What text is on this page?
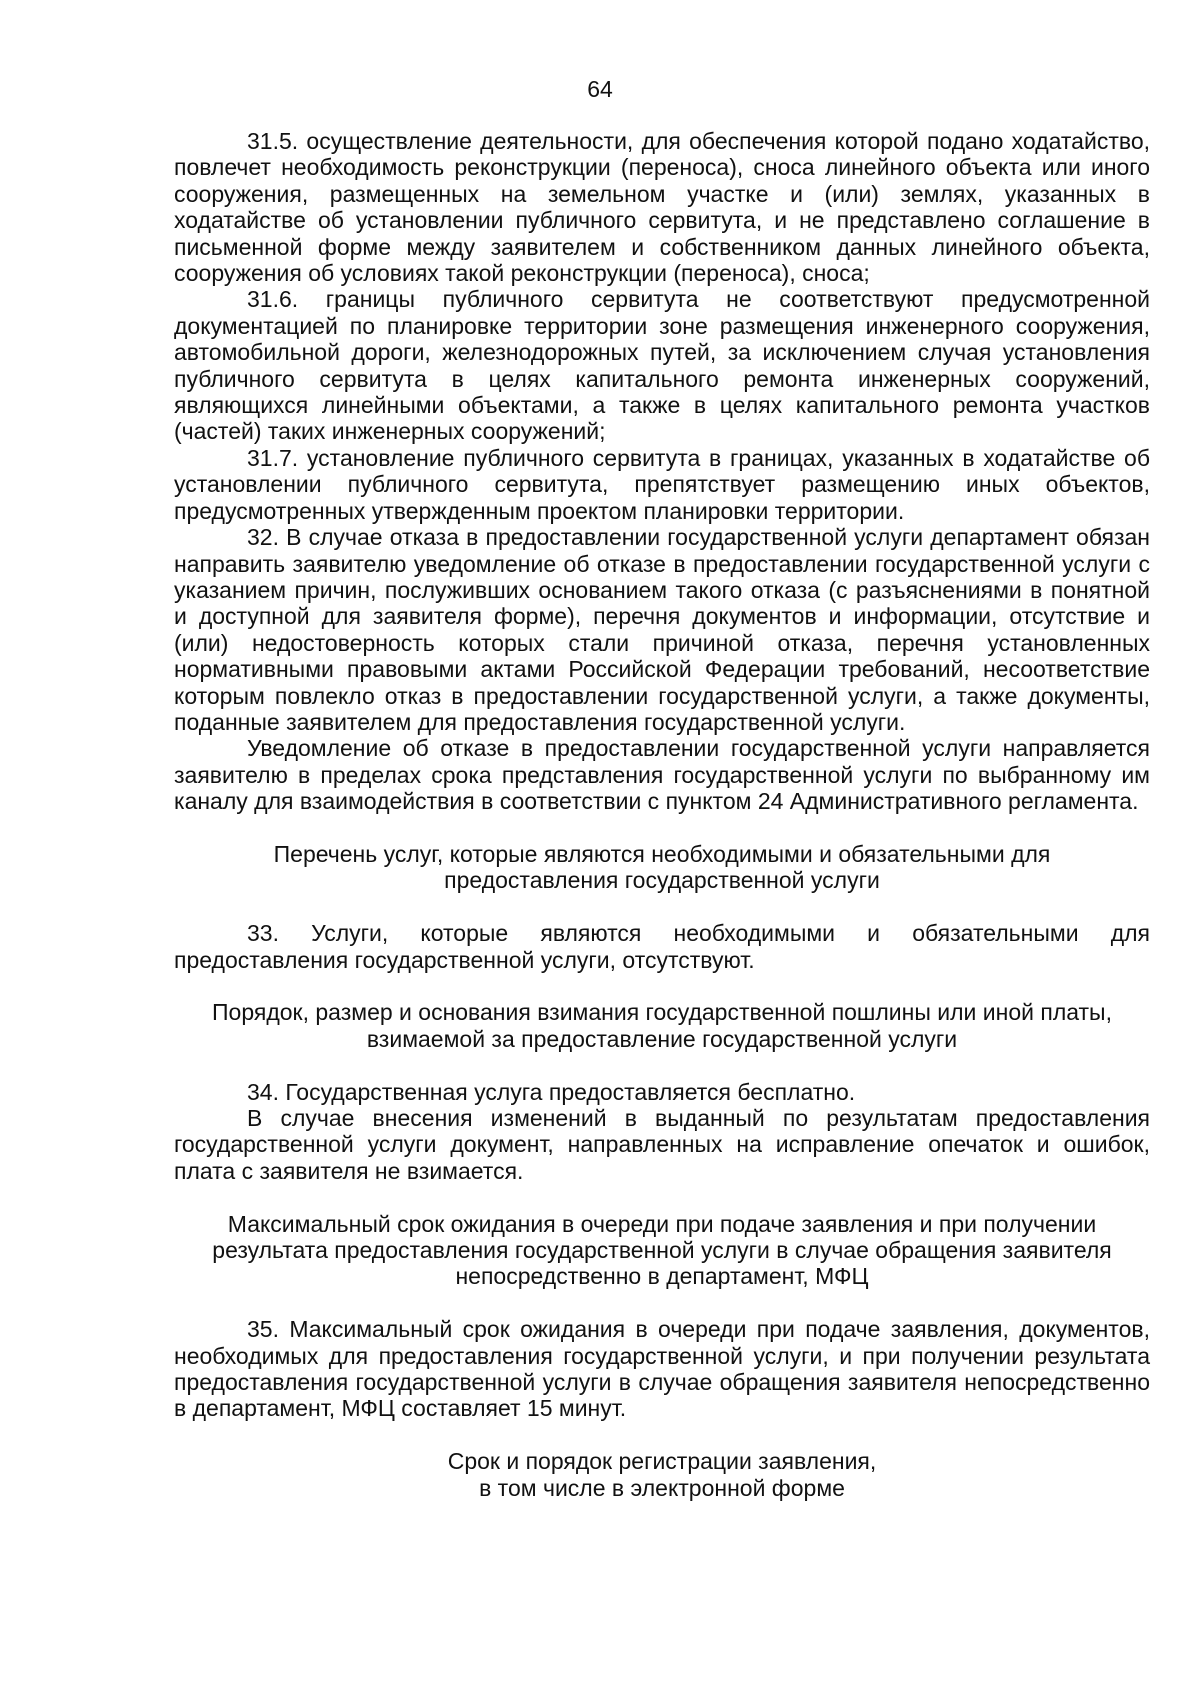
64

31.5. осуществление деятельности, для обеспечения которой подано ходатайство, повлечет необходимость реконструкции (переноса), сноса линейного объекта или иного сооружения, размещенных на земельном участке и (или) землях, указанных в ходатайстве об установлении публичного сервитута, и не представлено соглашение в письменной форме между заявителем и собственником данных линейного объекта, сооружения об условиях такой реконструкции (переноса), сноса;

31.6. границы публичного сервитута не соответствуют предусмотренной документацией по планировке территории зоне размещения инженерного сооружения, автомобильной дороги, железнодорожных путей, за исключением случая установления публичного сервитута в целях капитального ремонта инженерных сооружений, являющихся линейными объектами, а также в целях капитального ремонта участков (частей) таких инженерных сооружений;

31.7. установление публичного сервитута в границах, указанных в ходатайстве об установлении публичного сервитута, препятствует размещению иных объектов, предусмотренных утвержденным проектом планировки территории.

32. В случае отказа в предоставлении государственной услуги департамент обязан направить заявителю уведомление об отказе в предоставлении государственной услуги с указанием причин, послуживших основанием такого отказа (с разъяснениями в понятной и доступной для заявителя форме), перечня документов и информации, отсутствие и (или) недостоверность которых стали причиной отказа, перечня установленных нормативными правовыми актами Российской Федерации требований, несоответствие которым повлекло отказ в предоставлении государственной услуги, а также документы, поданные заявителем для предоставления государственной услуги.

Уведомление об отказе в предоставлении государственной услуги направляется заявителю в пределах срока представления государственной услуги по выбранному им каналу для взаимодействия в соответствии с пунктом 24 Административного регламента.

Перечень услуг, которые являются необходимыми и обязательными для
предоставления государственной услуги

33. Услуги, которые являются необходимыми и обязательными для предоставления государственной услуги, отсутствуют.

Порядок, размер и основания взимания государственной пошлины или иной платы,
взимаемой за предоставление государственной услуги

34. Государственная услуга предоставляется бесплатно.

В случае внесения изменений в выданный по результатам предоставления государственной услуги документ, направленных на исправление опечаток и ошибок, плата с заявителя не взимается.

Максимальный срок ожидания в очереди при подаче заявления и при получении
результата предоставления государственной услуги в случае обращения заявителя
непосредственно в департамент, МФЦ

35. Максимальный срок ожидания в очереди при подаче заявления, документов, необходимых для предоставления государственной услуги, и при получении результата предоставления государственной услуги в случае обращения заявителя непосредственно в департамент, МФЦ составляет 15 минут.

Срок и порядок регистрации заявления,
в том числе в электронной форме
